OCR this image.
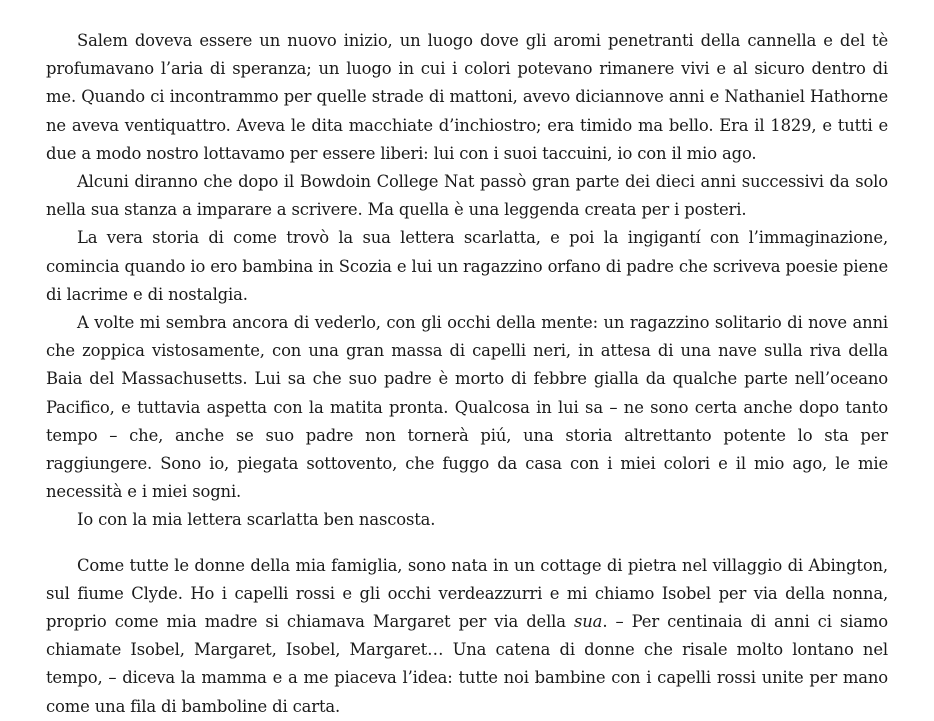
Salem doveva essere un nuovo inizio, un luogo dove gli aromi penetranti della cannella e del tè profumavano l’aria di speranza; un luogo in cui i colori potevano rimanere vivi e al sicuro dentro di me. Quando ci incontrammo per quelle strade di mattoni, avevo diciannove anni e Nathaniel Hathorne ne aveva ventiquattro. Aveva le dita macchiate d’inchiostro; era timido ma bello. Era il 1829, e tutti e due a modo nostro lottavamo per essere liberi: lui con i suoi taccuini, io con il mio ago.

Alcuni diranno che dopo il Bowdoin College Nat passò gran parte dei dieci anni successivi da solo nella sua stanza a imparare a scrivere. Ma quella è una leggenda creata per i posteri.

La vera storia di come trovò la sua lettera scarlatta, e poi la ingigantí con l’immaginazione, comincia quando io ero bambina in Scozia e lui un ragazzino orfano di padre che scriveva poesie piene di lacrime e di nostalgia.

A volte mi sembra ancora di vederlo, con gli occhi della mente: un ragazzino solitario di nove anni che zoppica vistosamente, con una gran massa di capelli neri, in attesa di una nave sulla riva della Baia del Massachusetts. Lui sa che suo padre è morto di febbre gialla da qualche parte nell’oceano Pacifico, e tuttavia aspetta con la matita pronta. Qualcosa in lui sa – ne sono certa anche dopo tanto tempo – che, anche se suo padre non tornerà piú, una storia altrettanto potente lo sta per raggiungere. Sono io, piegata sottovento, che fuggo da casa con i miei colori e il mio ago, le mie necessità e i miei sogni.

Io con la mia lettera scarlatta ben nascosta.

Come tutte le donne della mia famiglia, sono nata in un cottage di pietra nel villaggio di Abington, sul fiume Clyde. Ho i capelli rossi e gli occhi verdeazzurri e mi chiamo Isobel per via della nonna, proprio come mia madre si chiamava Margaret per via della sua. – Per centinaia di anni ci siamo chiamate Isobel, Margaret, Isobel, Margaret… Una catena di donne che risale molto lontano nel tempo, – diceva la mamma e a me piaceva l’idea: tutte noi bambine con i capelli rossi unite per mano come una fila di bamboline di carta.
